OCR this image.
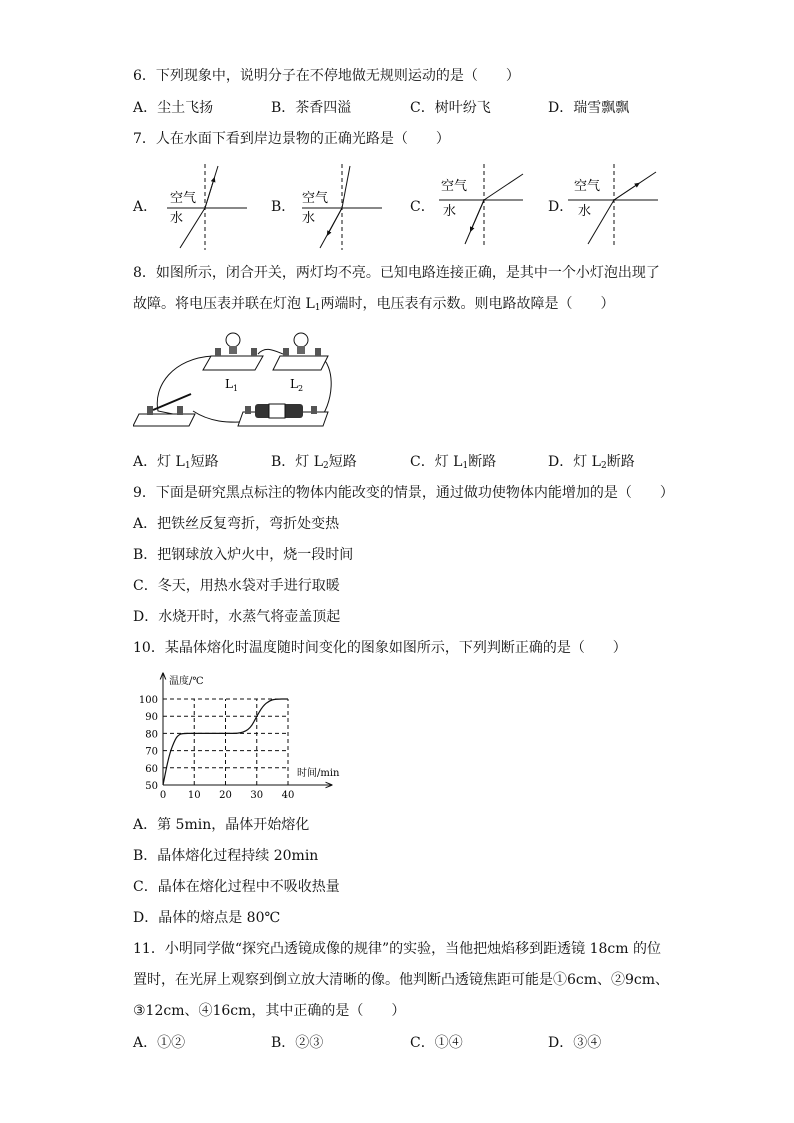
6．下列现象中，说明分子在不停地做无规则运动的是（　　）
A．尘土飞扬	B．茶香四溢	C．树叶纷飞	D．瑞雪飘飘
7．人在水面下看到岸边景物的正确光路是（　　）
A．	B．	C．	D．
空气
水
空气
水
空气
水
空气
水
8．如图所示，闭合开关，两灯均不亮。已知电路连接正确，是其中一个小灯泡出现了
故障。将电压表并联在灯泡 $L_1$两端时，电压表有示数。则电路故障是（　　）
$L_1$	$L_2$
A．灯 $L_1$短路	B．灯 $L_2$短路	C．灯 $L_1$断路	D．灯 $L_2$断路
9．下面是研究黑点标注的物体内能改变的情景，通过做功使物体内能增加的是（　　）
A．把铁丝反复弯折，弯折处变热
B．把钢球放入炉火中，烧一段时间
C．冬天，用热水袋对手进行取暖
D．水烧开时，水蒸气将壶盖顶起
10．某晶体熔化时温度随时间变化的图象如图所示，下列判断正确的是（　　）
温度/℃
时间/min
0 10 20 30 40
50
60
70
80
90
100
A．第 5min，晶体开始熔化
B．晶体熔化过程持续 20min
C．晶体在熔化过程中不吸收热量
D．晶体的熔点是 80℃
11．小明同学做“探究凸透镜成像的规律”的实验，当他把烛焰移到距透镜 18cm 的位
置时，在光屏上观察到倒立放大清晰的像。他判断凸透镜焦距可能是①6cm、②9cm、
③12cm、④16cm，其中正确的是（　　）
A．①②	B．②③	C．①④	D．③④
